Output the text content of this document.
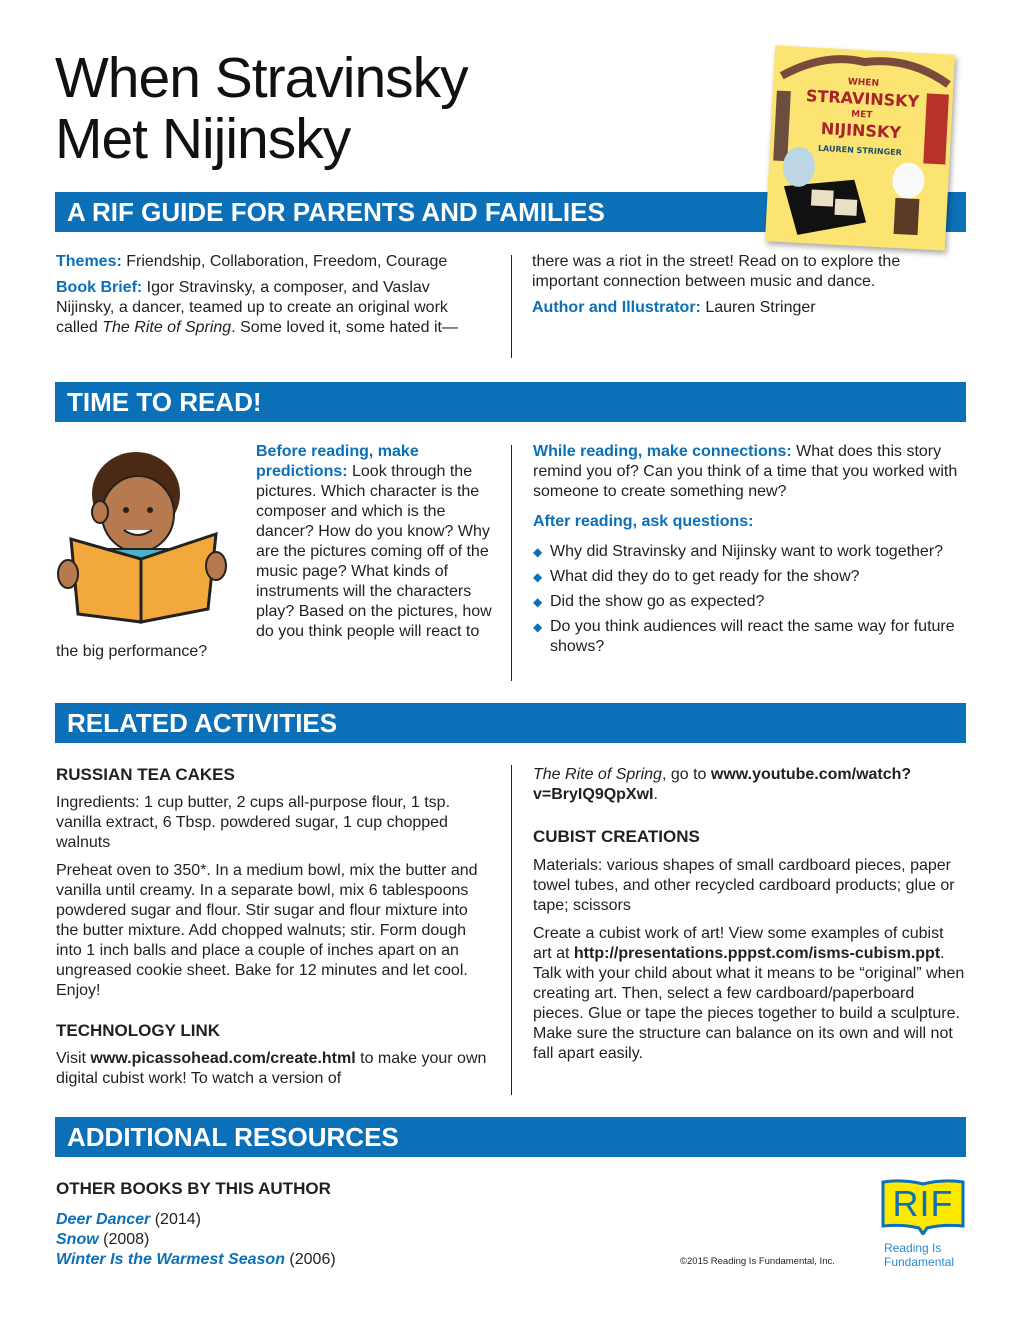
When Stravinsky
Met Nijinsky
A RIF GUIDE FOR PARENTS AND FAMILIES
WHEN
STRAVINSKY
MET
NIJINSKY
LAUREN STRINGER

Themes: Friendship, Collaboration, Freedom, Courage

Book Brief: Igor Stravinsky, a composer, and Vaslav Nijinsky, a dancer, teamed up to create an original work called The Rite of Spring. Some loved it, some hated it—there was a riot in the street! Read on to explore the important connection between music and dance.

Author and Illustrator: Lauren Stringer

TIME TO READ!

Before reading, make predictions: Look through the pictures. Which character is the composer and which is the dancer? How do you know? Why are the pictures coming off of the music page? What kinds of instruments will the characters play? Based on the pictures, how do you think people will react to the big performance?

While reading, make connections: What does this story remind you of? Can you think of a time that you worked with someone to create something new?

After reading, ask questions:

◆ Why did Stravinsky and Nijinsky want to work together?
◆ What did they do to get ready for the show?
◆ Did the show go as expected?
◆ Do you think audiences will react the same way for future shows?
RELATED ACTIVITIES
RUSSIAN TEA CAKES

Ingredients: 1 cup butter, 2 cups all-purpose flour, 1 tsp. vanilla extract, 6 Tbsp. powdered sugar, 1 cup chopped walnuts

Preheat oven to 350*. In a medium bowl, mix the butter and vanilla until creamy. In a separate bowl, mix 6 tablespoons powdered sugar and flour. Stir sugar and flour mixture into the butter mixture. Add chopped walnuts; stir. Form dough into 1 inch balls and place a couple of inches apart on an ungreased cookie sheet. Bake for 12 minutes and let cool. Enjoy!

TECHNOLOGY LINK

Visit www.picassohead.com/create.html to make your own digital cubist work! To watch a version of

The Rite of Spring, go to www.youtube.com/watch?v=BryIQ9QpXwI.

CUBIST CREATIONS

Materials: various shapes of small cardboard pieces, paper towel tubes, and other recycled cardboard products; glue or tape; scissors

Create a cubist work of art! View some examples of cubist art at http://presentations.pppst.com/isms-cubism.ppt. Talk with your child about what it means to be “original” when creating art. Then, select a few cardboard/paperboard pieces. Glue or tape the pieces together to build a sculpture. Make sure the structure can balance on its own and will not fall apart easily.

ADDITIONAL RESOURCES
OTHER BOOKS BY THIS AUTHOR

Deer Dancer (2014)

Snow (2008)

Winter Is the Warmest Season (2006)	©2015 Reading Is Fundamental, Inc.
RIF
Reading Is
Fundamental
